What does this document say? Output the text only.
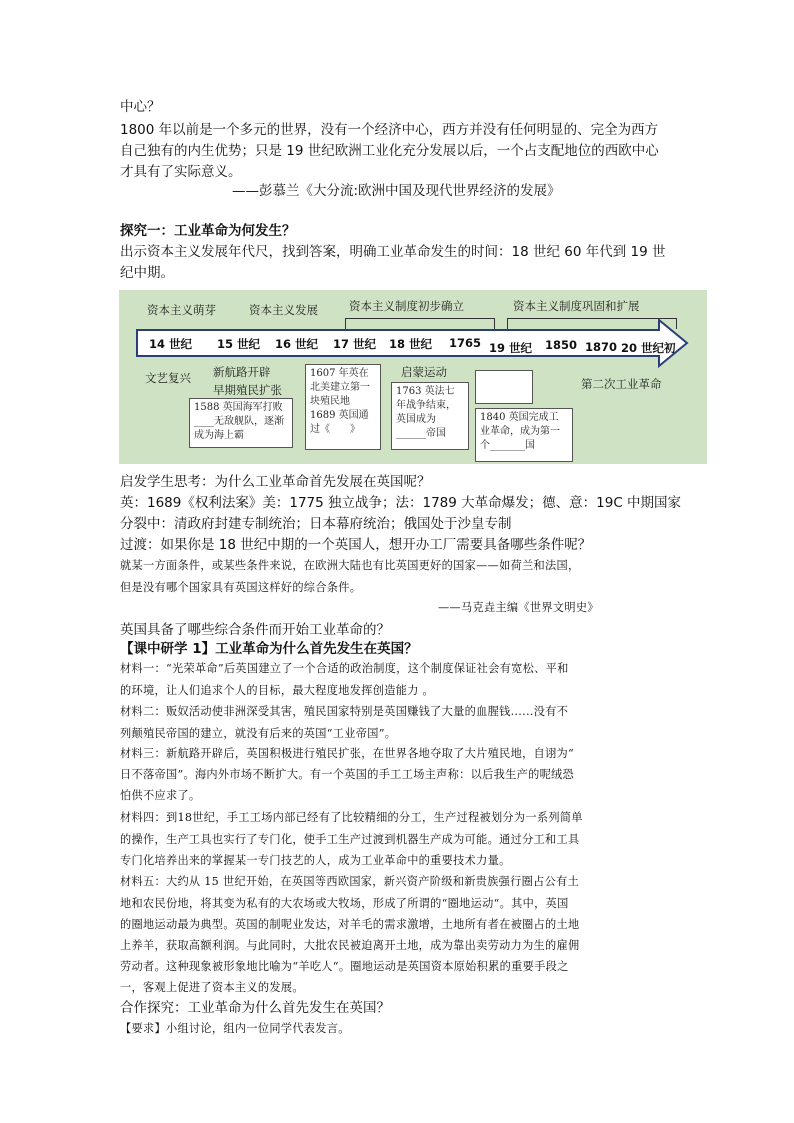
中心？

1800 年以前是一个多元的世界，没有一个经济中心，西方并没有任何明显的、完全为西方

自己独有的内生优势；只是 19 世纪欧洲工业化充分发展以后，一个占支配地位的西欧中心

才具有了实际意义。

——彭慕兰《大分流:欧洲中国及现代世界经济的发展》

探究一：工业革命为何发生？

出示资本主义发展年代尺，找到答案，明确工业革命发生的时间：18 世纪 60 年代到 19 世

纪中期。

资本主义萌芽	资本主义发展	资本主义制度初步确立	资本主义制度巩固和扩展
14 世纪 15 世纪 16 世纪 17 世纪 18 世纪 1765 19 世纪 1850 1870 20 世纪初
文艺复兴 新航路开辟
早期殖民扩张
启蒙运动
第二次工业革命
1588 英国海军打败____无敌舰队，逐渐成为海上霸
1607 年英在北美建立第一块殖民地 1689 英国通过《　　》
1763 英法七年战争结束，英国成为______帝国
1840 英国完成工业革命，成为第一个_______国

启发学生思考：为什么工业革命首先发展在英国呢？

英：1689《权利法案》美：1775 独立战争；法：1789 大革命爆发；德、意：19C 中期国家

分裂中：清政府封建专制统治；日本幕府统治；俄国处于沙皇专制

过渡：如果你是 18 世纪中期的一个英国人，想开办工厂需要具备哪些条件呢？

就某一方面条件，或某些条件来说，在欧洲大陆也有比英国更好的国家——如荷兰和法国，

但是没有哪个国家具有英国这样好的综合条件。

——马克垚主编《世界文明史》

英国具备了哪些综合条件而开始工业革命的？

【课中研学 1】工业革命为什么首先发生在英国？

材料一：“光荣革命”后英国建立了一个合适的政治制度，这个制度保证社会有宽松、平和

的环境，让人们追求个人的目标，最大程度地发挥创造能力 。

材料二：贩奴活动使非洲深受其害，殖民国家特别是英国赚钱了大量的血腥钱......没有不

列颠殖民帝国的建立，就没有后来的英国“工业帝国”。

材料三：新航路开辟后，英国积极进行殖民扩张，在世界各地夺取了大片殖民地，自诩为“

日不落帝国”。海内外市场不断扩大。有一个英国的手工工场主声称：以后我生产的呢绒恐

怕供不应求了。

材料四：到18世纪，手工工场内部已经有了比较精细的分工，生产过程被划分为一系列简单

的操作，生产工具也实行了专门化，使手工生产过渡到机器生产成为可能。通过分工和工具

专门化培养出来的掌握某一专门技艺的人，成为工业革命中的重要技术力量。

材料五：大约从 15 世纪开始，在英国等西欧国家，新兴资产阶级和新贵族强行圈占公有土

地和农民份地，将其变为私有的大农场或大牧场，形成了所谓的“圈地运动“。其中，英国

的圈地运动最为典型。英国的制呢业发达，对羊毛的需求激增，土地所有者在被圈占的土地

上养羊，获取高额利润。与此同时，大批农民被迫离开土地，成为靠出卖劳动力为生的雇佣

劳动者。这种现象被形象地比喻为“羊吃人“。圈地运动是英国资本原始积累的重要手段之

一，客观上促进了资本主义的发展。

合作探究：工业革命为什么首先发生在英国？

【要求】小组讨论，组内一位同学代表发言。
